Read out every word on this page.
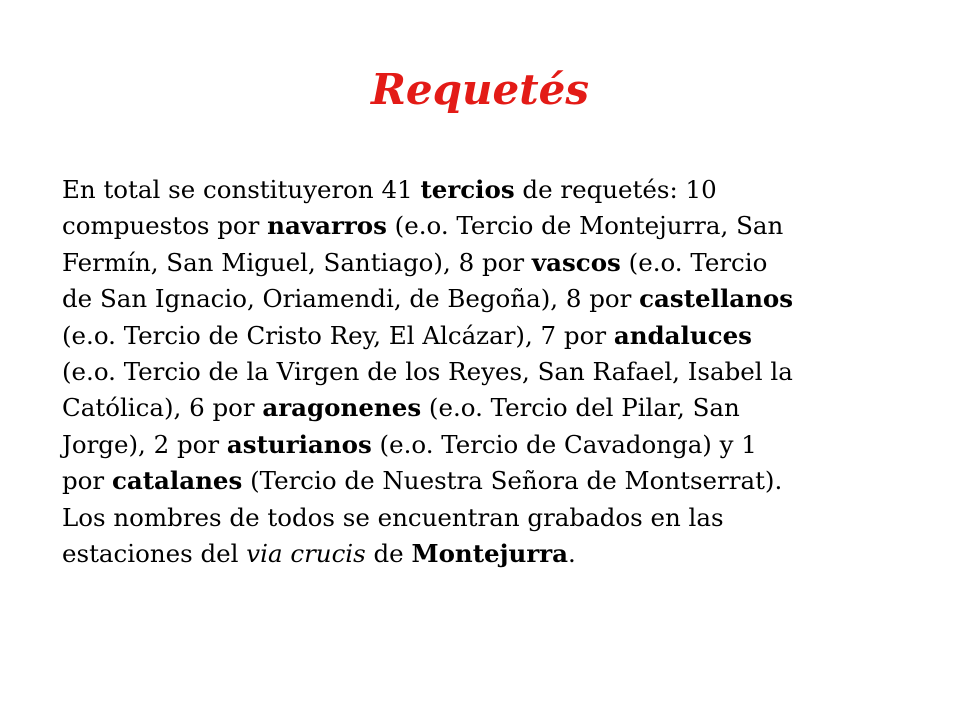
Requetés
En total se constituyeron 41 tercios de requetés: 10
compuestos por navarros (e.o. Tercio de Montejurra, San
Fermín, San Miguel, Santiago), 8 por vascos (e.o. Tercio
de San Ignacio, Oriamendi, de Begoña), 8 por castellanos
(e.o. Tercio de Cristo Rey, El Alcázar), 7 por andaluces
(e.o. Tercio de la Virgen de los Reyes, San Rafael, Isabel la
Católica), 6 por aragonenes (e.o. Tercio del Pilar, San
Jorge), 2 por asturianos (e.o. Tercio de Cavadonga) y 1
por catalanes (Tercio de Nuestra Señora de Montserrat).
Los nombres de todos se encuentran grabados en las
estaciones del via crucis de Montejurra.
